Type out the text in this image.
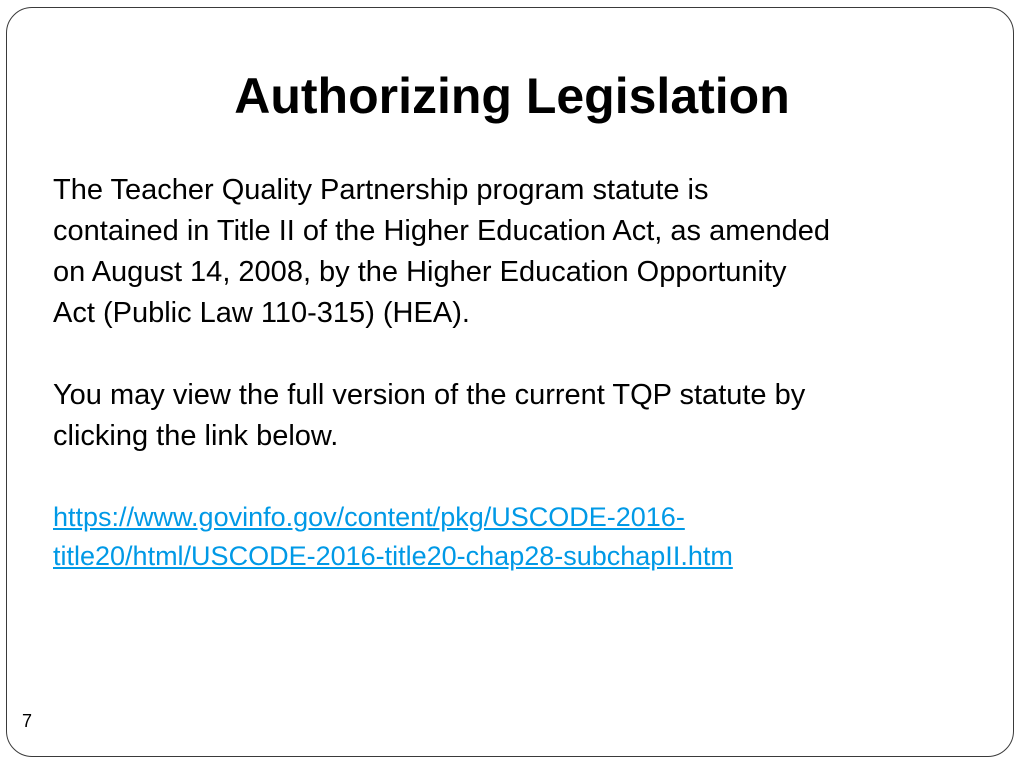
Authorizing Legislation

The Teacher Quality Partnership program statute is
contained in Title II of the Higher Education Act, as amended
on August 14, 2008, by the Higher Education Opportunity
Act (Public Law 110-315) (HEA).

You may view the full version of the current TQP statute by
clicking the link below.

https://www.govinfo.gov/content/pkg/USCODE-2016-
title20/html/USCODE-2016-title20-chap28-subchapII.htm

7
